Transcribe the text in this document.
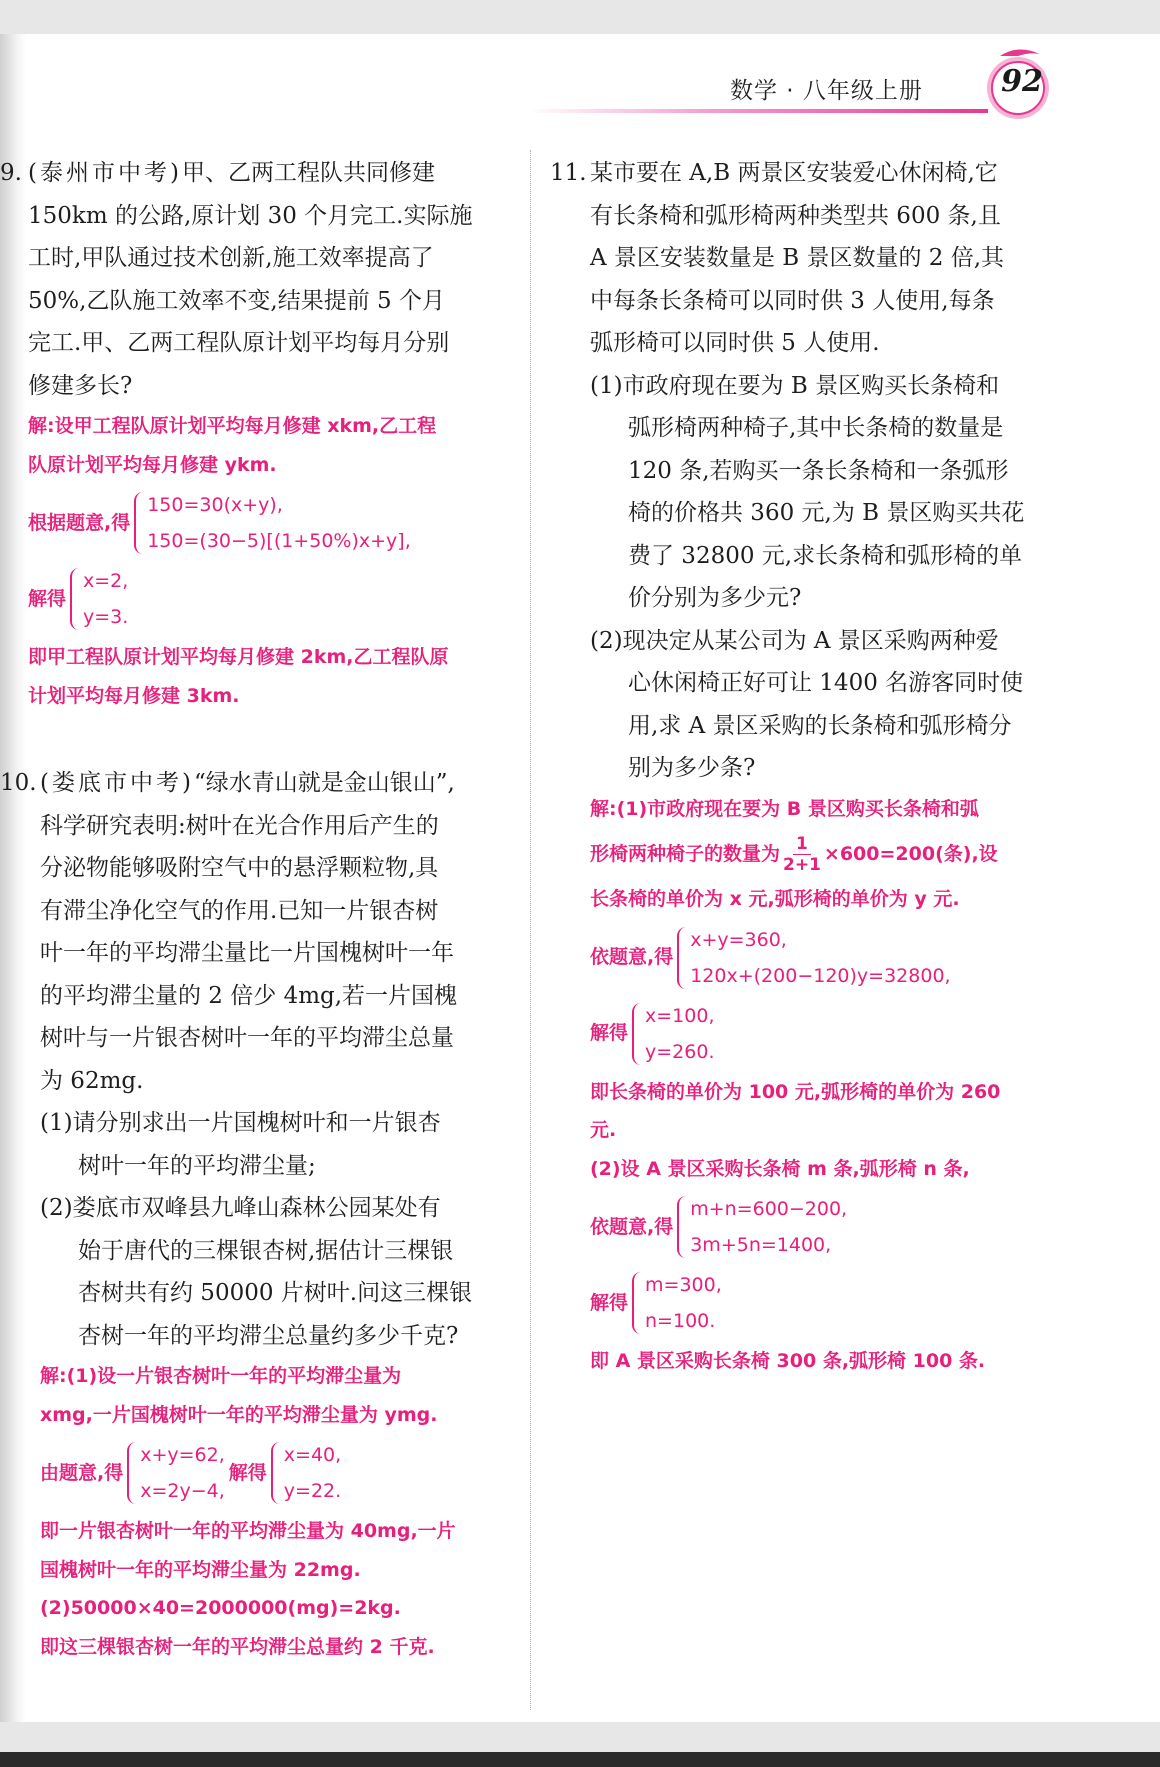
数学 · 八年级上册	92
9. (泰州市中考)甲、乙两工程队共同修建
150km 的公路,原计划 30 个月完工.实际施
工时,甲队通过技术创新,施工效率提高了
50%,乙队施工效率不变,结果提前 5 个月
完工.甲、乙两工程队原计划平均每月分别
修建多长?
解:设甲工程队原计划平均每月修建 xkm,乙工程
队原计划平均每月修建 ykm.
根据题意,得
150=30(x+y),
150=(30−5)[(1+50%)x+y],
解得
x=2,
y=3.
即甲工程队原计划平均每月修建 2km,乙工程队原
计划平均每月修建 3km.
10. (娄底市中考)“绿水青山就是金山银山”,
科学研究表明:树叶在光合作用后产生的
分泌物能够吸附空气中的悬浮颗粒物,具
有滞尘净化空气的作用.已知一片银杏树
叶一年的平均滞尘量比一片国槐树叶一年
的平均滞尘量的 2 倍少 4mg,若一片国槐
树叶与一片银杏树叶一年的平均滞尘总量
为 62mg.
(1)请分别求出一片国槐树叶和一片银杏
树叶一年的平均滞尘量;
(2)娄底市双峰县九峰山森林公园某处有
始于唐代的三棵银杏树,据估计三棵银
杏树共有约 50000 片树叶.问这三棵银
杏树一年的平均滞尘总量约多少千克?
解:(1)设一片银杏树叶一年的平均滞尘量为
xmg,一片国槐树叶一年的平均滞尘量为 ymg.
由题意,得
x+y=62,
x=2y−4,
解得
x=40,
y=22.
即一片银杏树叶一年的平均滞尘量为 40mg,一片
国槐树叶一年的平均滞尘量为 22mg.
(2)50000×40=2000000(mg)=2kg.
即这三棵银杏树一年的平均滞尘总量约 2 千克.
11. 某市要在 A,B 两景区安装爱心休闲椅,它
有长条椅和弧形椅两种类型共 600 条,且
A 景区安装数量是 B 景区数量的 2 倍,其
中每条长条椅可以同时供 3 人使用,每条
弧形椅可以同时供 5 人使用.
(1)市政府现在要为 B 景区购买长条椅和
弧形椅两种椅子,其中长条椅的数量是
120 条,若购买一条长条椅和一条弧形
椅的价格共 360 元,为 B 景区购买共花
费了 32800 元,求长条椅和弧形椅的单
价分别为多少元?
(2)现决定从某公司为 A 景区采购两种爱
心休闲椅正好可让 1400 名游客同时使
用,求 A 景区采购的长条椅和弧形椅分
别为多少条?
解:(1)市政府现在要为 B 景区购买长条椅和弧
形椅两种椅子的数量为 $\frac{1}{2+1} \times 600=200$(条),设
长条椅的单价为 x 元,弧形椅的单价为 y 元.
依题意,得
x+y=360,
120x+(200−120)y=32800,
解得
x=100,
y=260.
即长条椅的单价为 100 元,弧形椅的单价为 260
元.
(2)设 A 景区采购长条椅 m 条,弧形椅 n 条,
依题意,得
m+n=600−200,
3m+5n=1400,
解得
m=300,
n=100.
即 A 景区采购长条椅 300 条,弧形椅 100 条.
